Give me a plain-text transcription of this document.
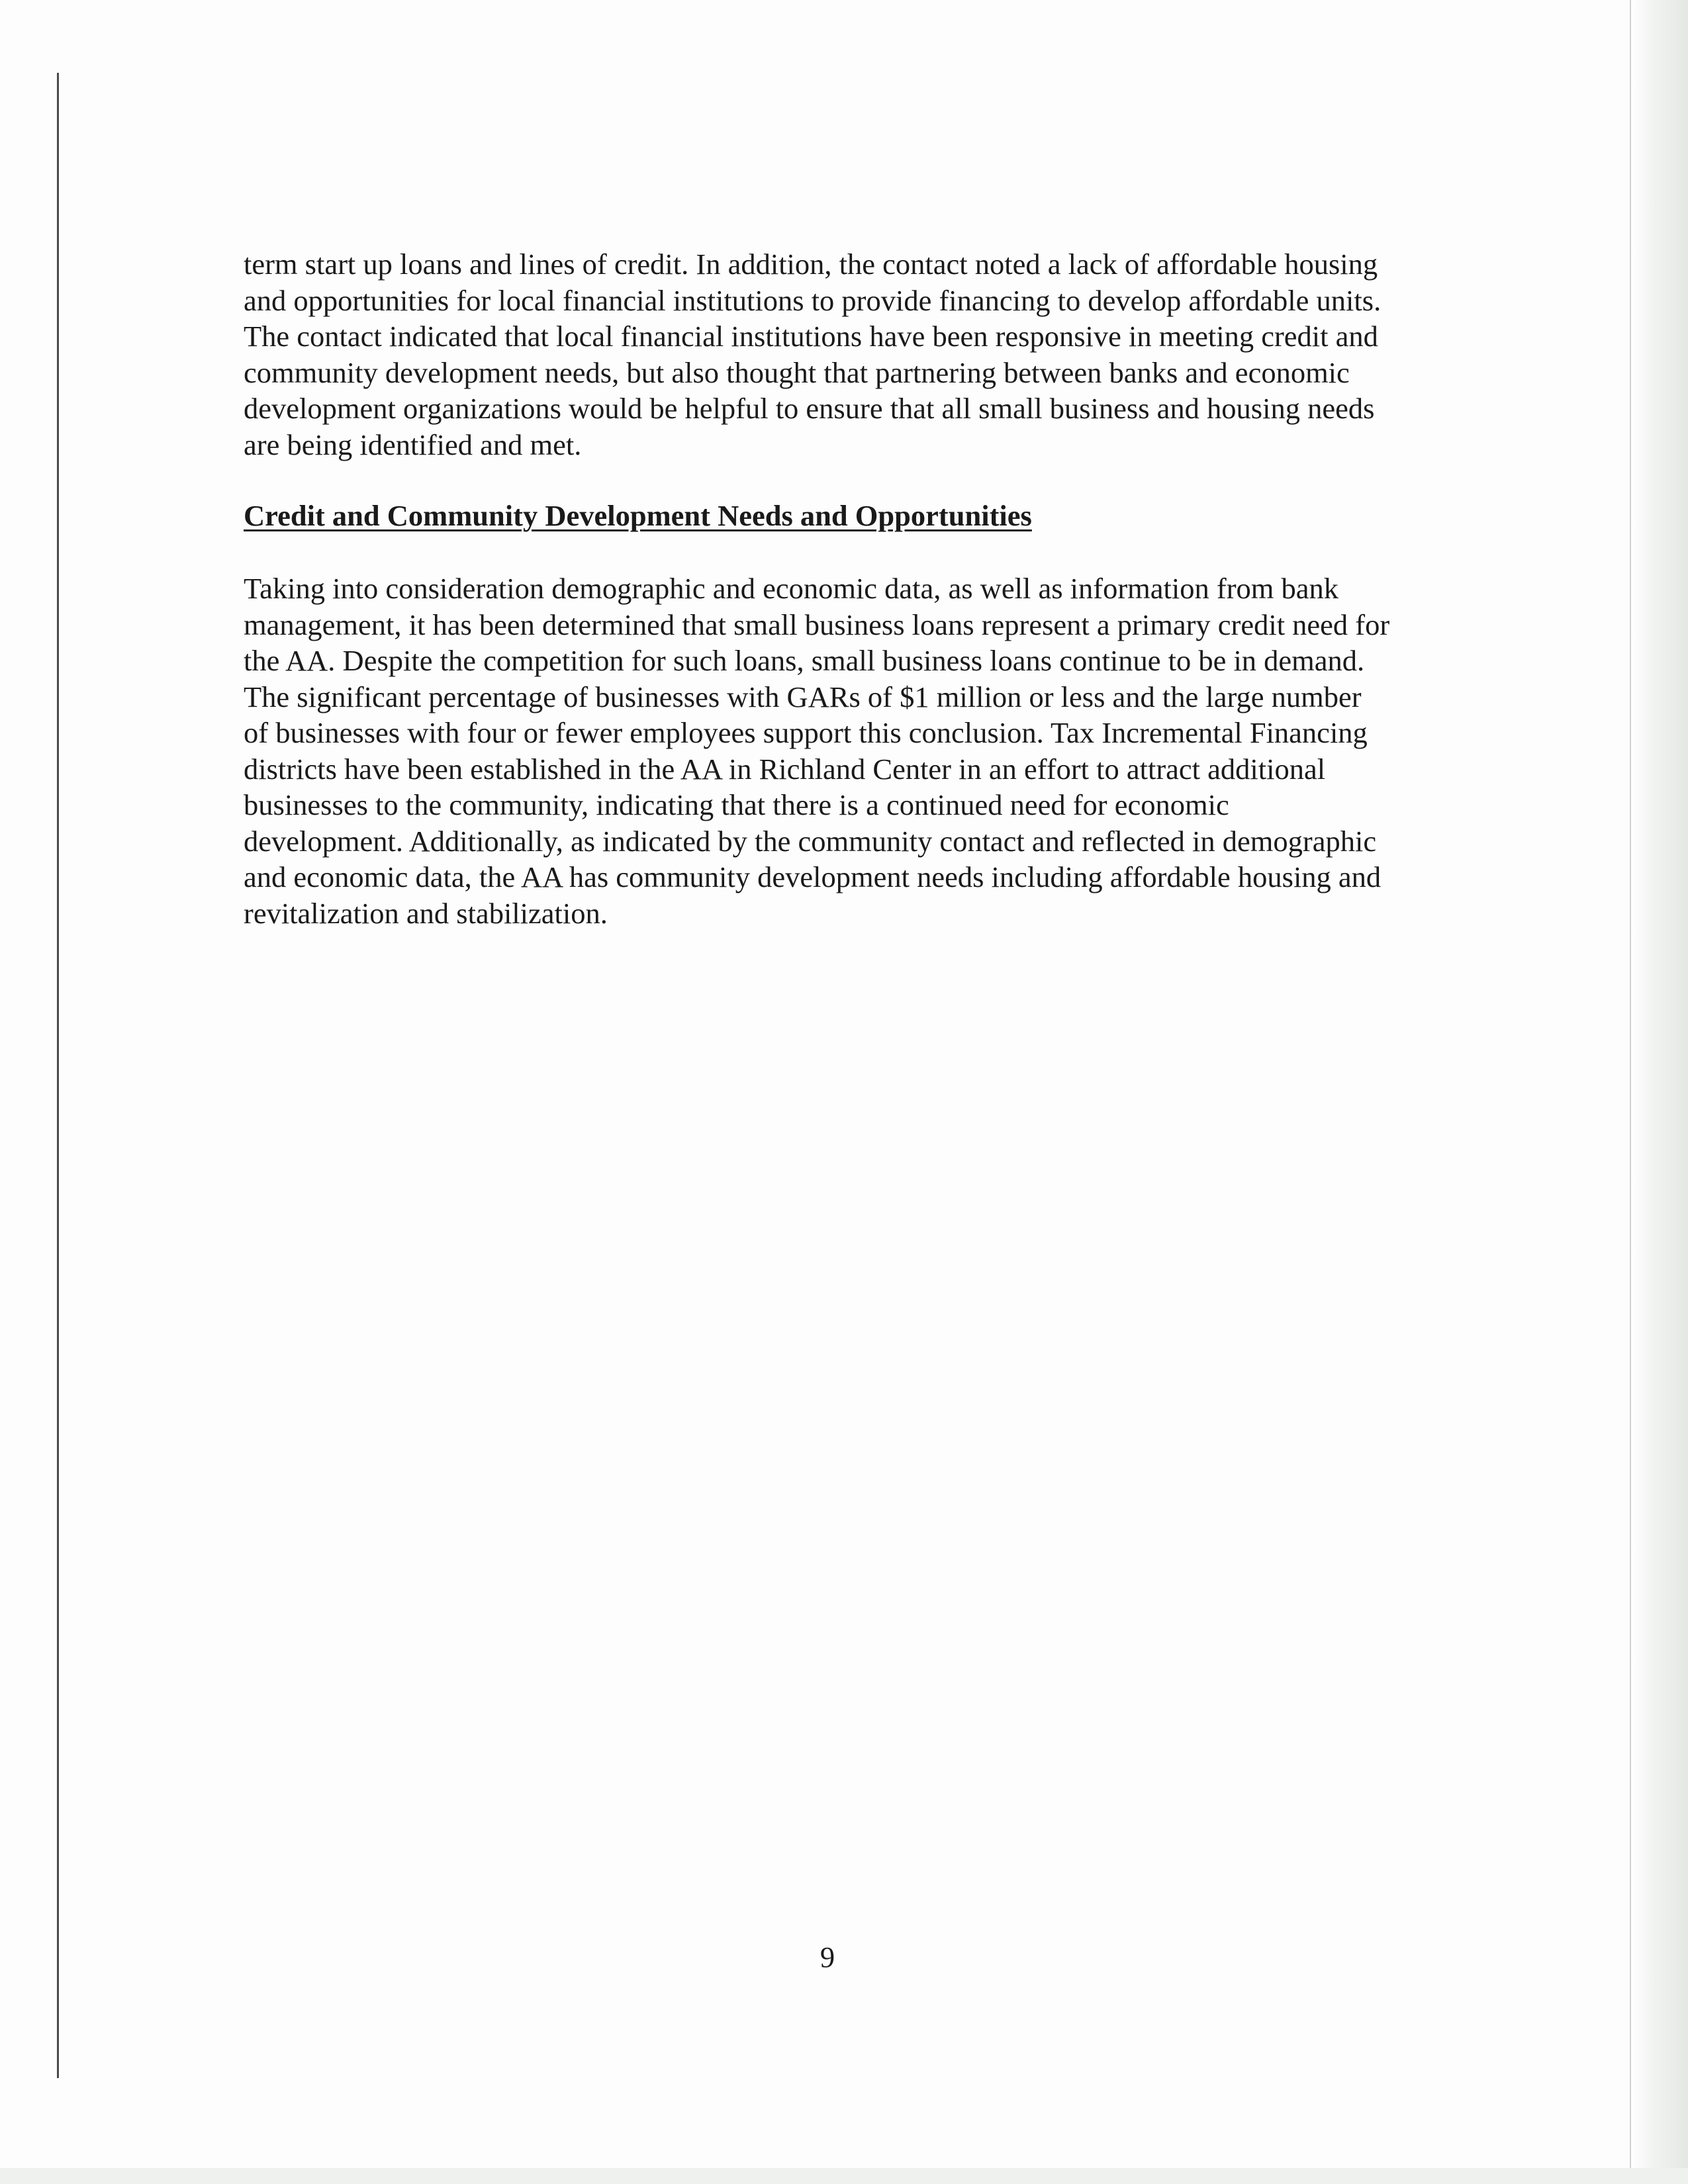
term start up loans and lines of credit. In addition, the contact noted a lack of affordable housing
and opportunities for local financial institutions to provide financing to develop affordable units.
The contact indicated that local financial institutions have been responsive in meeting credit and
community development needs, but also thought that partnering between banks and economic
development organizations would be helpful to ensure that all small business and housing needs
are being identified and met.
Credit and Community Development Needs and Opportunities
Taking into consideration demographic and economic data, as well as information from bank
management, it has been determined that small business loans represent a primary credit need for
the AA. Despite the competition for such loans, small business loans continue to be in demand.
The significant percentage of businesses with GARs of $1 million or less and the large number
of businesses with four or fewer employees support this conclusion. Tax Incremental Financing
districts have been established in the AA in Richland Center in an effort to attract additional
businesses to the community, indicating that there is a continued need for economic
development. Additionally, as indicated by the community contact and reflected in demographic
and economic data, the AA has community development needs including affordable housing and
revitalization and stabilization.
9
